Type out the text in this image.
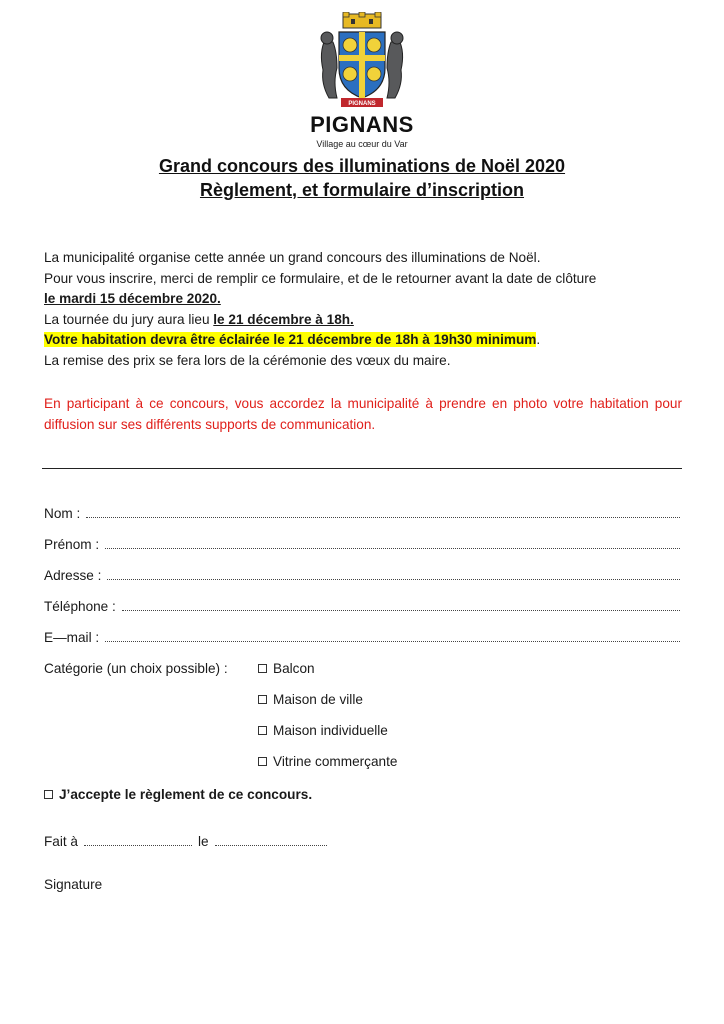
PIGNANS
PIGNANS
Village au cœur du Var
Grand concours des illuminations de Noël 2020
Règlement, et formulaire d’inscription

La municipalité organise cette année un grand concours des illuminations de Noël.

Pour vous inscrire, merci de remplir ce formulaire, et de le retourner avant la date de clôture

le mardi 15 décembre 2020.

La tournée du jury aura lieu le 21 décembre à 18h.

Votre habitation devra être éclairée le 21 décembre de 18h à 19h30 minimum.

La remise des prix se fera lors de la cérémonie des vœux du maire.

En participant à ce concours, vous accordez la municipalité à prendre en photo votre habitation pour diffusion sur ses différents supports de communication.

Nom :
Prénom :
Adresse :
Téléphone :
E—mail :
Catégorie (un choix possible) :	Balcon
Maison de ville
Maison individuelle
Vitrine commerçante
J’accepte le règlement de ce concours.
Fait à	le
Signature
